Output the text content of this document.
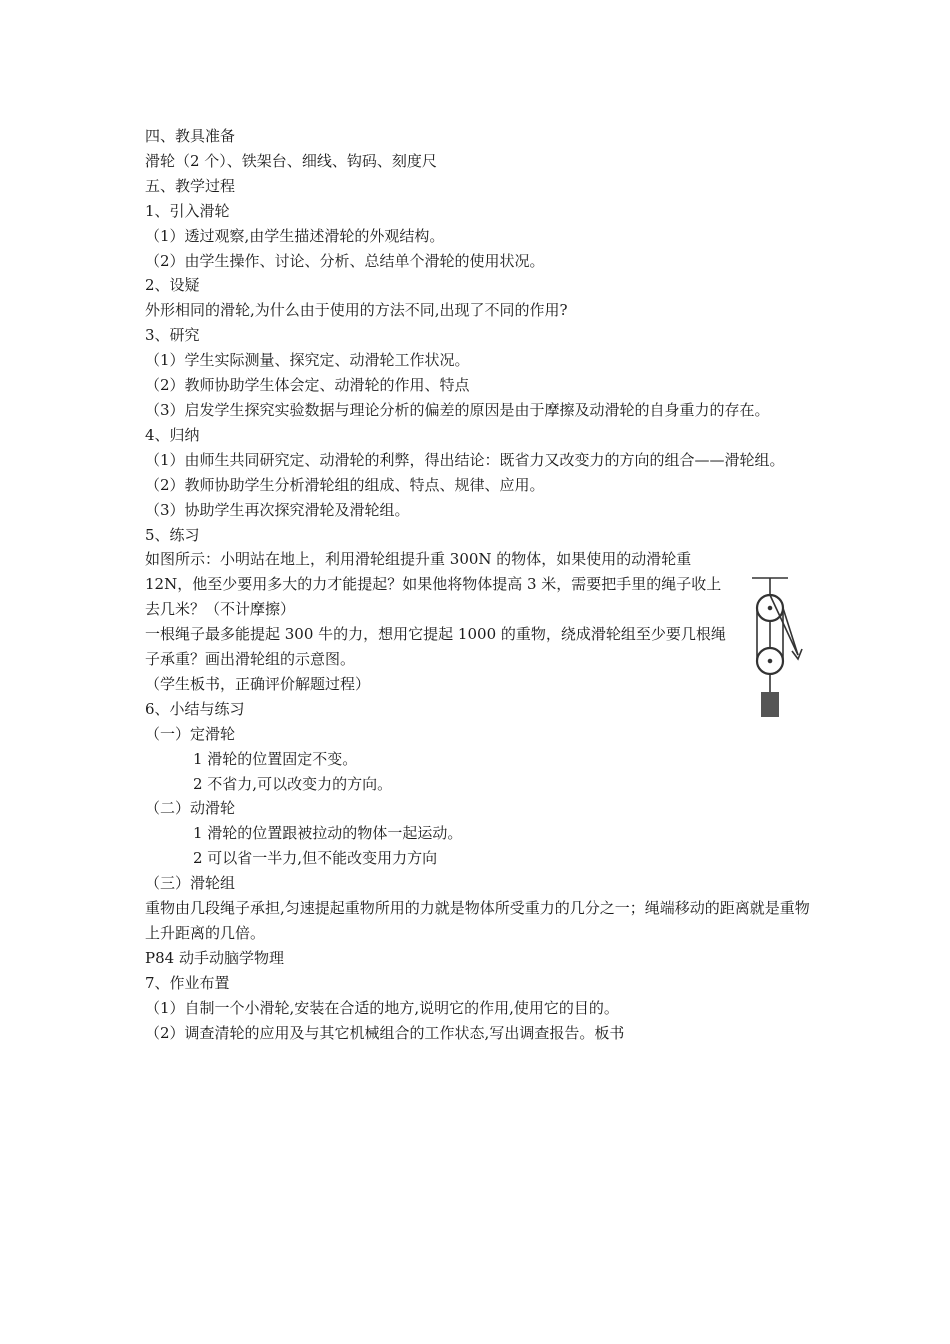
四、教具准备
滑轮（2 个）、铁架台、细线、钩码、刻度尺
五、教学过程
1、引入滑轮
（1）透过观察,由学生描述滑轮的外观结构。
（2）由学生操作、讨论、分析、总结单个滑轮的使用状况。
2、设疑
外形相同的滑轮,为什么由于使用的方法不同,出现了不同的作用?
3、研究
（1）学生实际测量、探究定、动滑轮工作状况。
（2）教师协助学生体会定、动滑轮的作用、特点
（3）启发学生探究实验数据与理论分析的偏差的原因是由于摩擦及动滑轮的自身重力的存在。
4、归纳
（1）由师生共同研究定、动滑轮的利弊，得出结论：既省力又改变力的方向的组合——滑轮组。
（2）教师协助学生分析滑轮组的组成、特点、规律、应用。
（3）协助学生再次探究滑轮及滑轮组。
5、练习
如图所示：小明站在地上，利用滑轮组提升重 300N 的物体，如果使用的动滑轮重 12N，他至少要用多大的力才能提起？如果他将物体提高 3 米，需要把手里的绳子收上去几米？（不计摩擦）
一根绳子最多能提起 300 牛的力，想用它提起 1000 的重物，绕成滑轮组至少要几根绳子承重？画出滑轮组的示意图。
（学生板书，正确评价解题过程）
6、小结与练习
（一）定滑轮
1 滑轮的位置固定不变。
2 不省力,可以改变力的方向。
（二）动滑轮
1 滑轮的位置跟被拉动的物体一起运动。
2 可以省一半力,但不能改变用力方向
（三）滑轮组
重物由几段绳子承担,匀速提起重物所用的力就是物体所受重力的几分之一；绳端移动的距离就是重物上升距离的几倍。
P84 动手动脑学物理
7、作业布置
（1）自制一个小滑轮,安装在合适的地方,说明它的作用,使用它的目的。
（2）调查清轮的应用及与其它机械组合的工作状态,写出调查报告。板书
